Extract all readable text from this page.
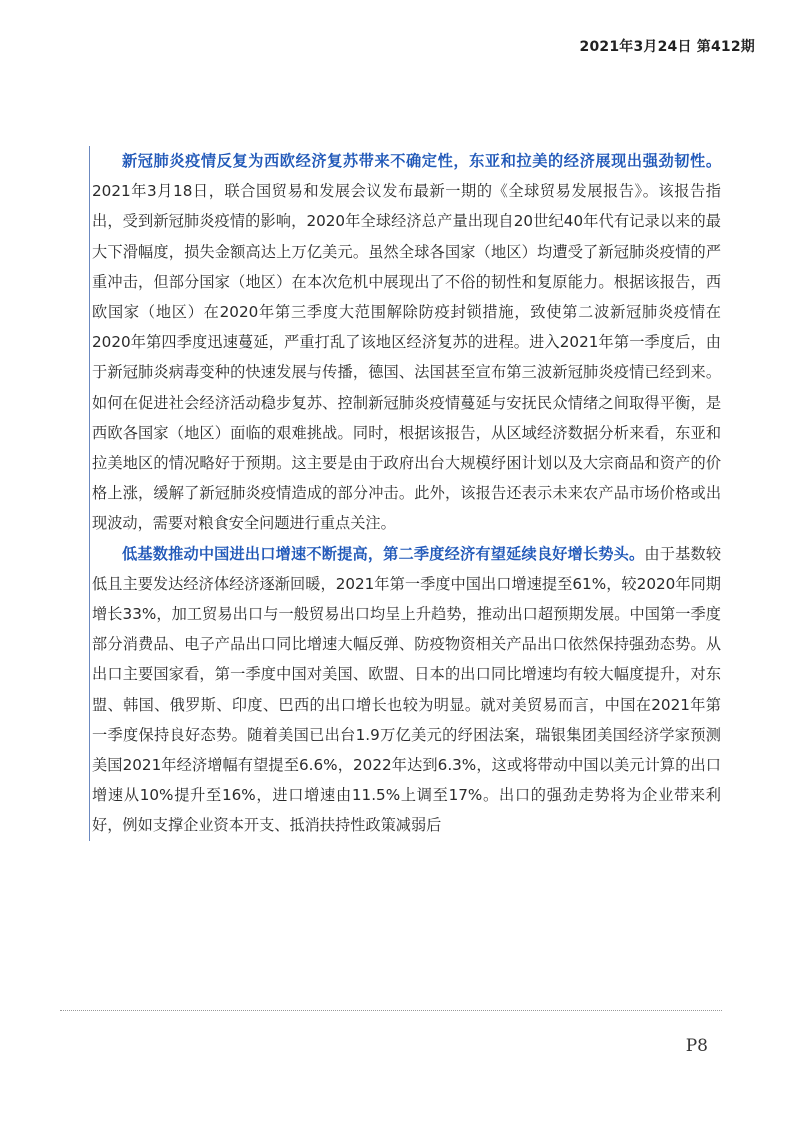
2021年3月24日 第412期

新冠肺炎疫情反复为西欧经济复苏带来不确定性，东亚和拉美的经济展现出强劲韧性。2021年3月18日，联合国贸易和发展会议发布最新一期的《全球贸易发展报告》。该报告指出，受到新冠肺炎疫情的影响，2020年全球经济总产量出现自20世纪40年代有记录以来的最大下滑幅度，损失金额高达上万亿美元。虽然全球各国家（地区）均遭受了新冠肺炎疫情的严重冲击，但部分国家（地区）在本次危机中展现出了不俗的韧性和复原能力。根据该报告，西欧国家（地区）在2020年第三季度大范围解除防疫封锁措施，致使第二波新冠肺炎疫情在2020年第四季度迅速蔓延，严重打乱了该地区经济复苏的进程。进入2021年第一季度后，由于新冠肺炎病毒变种的快速发展与传播，德国、法国甚至宣布第三波新冠肺炎疫情已经到来。如何在促进社会经济活动稳步复苏、控制新冠肺炎疫情蔓延与安抚民众情绪之间取得平衡，是西欧各国家（地区）面临的艰难挑战。同时，根据该报告，从区域经济数据分析来看，东亚和拉美地区的情况略好于预期。这主要是由于政府出台大规模纾困计划以及大宗商品和资产的价格上涨，缓解了新冠肺炎疫情造成的部分冲击。此外，该报告还表示未来农产品市场价格或出现波动，需要对粮食安全问题进行重点关注。

低基数推动中国进出口增速不断提高，第二季度经济有望延续良好增长势头。由于基数较低且主要发达经济体经济逐渐回暖，2021年第一季度中国出口增速提至61%，较2020年同期增长33%，加工贸易出口与一般贸易出口均呈上升趋势，推动出口超预期发展。中国第一季度部分消费品、电子产品出口同比增速大幅反弹、防疫物资相关产品出口依然保持强劲态势。从出口主要国家看，第一季度中国对美国、欧盟、日本的出口同比增速均有较大幅度提升，对东盟、韩国、俄罗斯、印度、巴西的出口增长也较为明显。就对美贸易而言，中国在2021年第一季度保持良好态势。随着美国已出台1.9万亿美元的纾困法案，瑞银集团美国经济学家预测美国2021年经济增幅有望提至6.6%，2022年达到6.3%，这或将带动中国以美元计算的出口增速从10%提升至16%，进口增速由11.5%上调至17%。出口的强劲走势将为企业带来利好，例如支撑企业资本开支、抵消扶持性政策减弱后

P8
